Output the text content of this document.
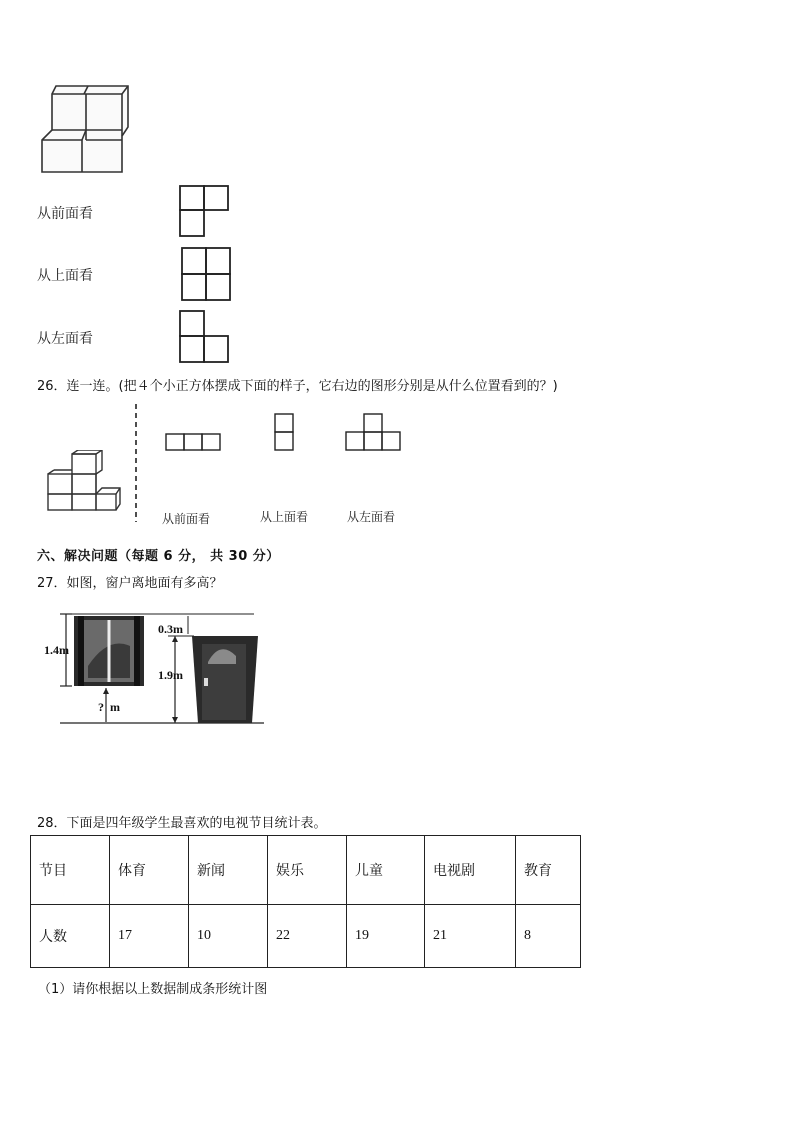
从前面看
从上面看
从左面看
26．连一连。(把４个小正方体摆成下面的样子，它右边的图形分别是从什么位置看到的？)
从前面看	从上面看	从左面看
六、解决问题（每题 6 分， 共 30 分）
27．如图，窗户离地面有多高？
1.4m
0.3m
1.9m
?  m
28．下面是四年级学生最喜欢的电视节目统计表。
节目	体育	新闻	娱乐	儿童	电视剧	教育
人数	17	10	22	19	21	8
（1）请你根据以上数据制成条形统计图
